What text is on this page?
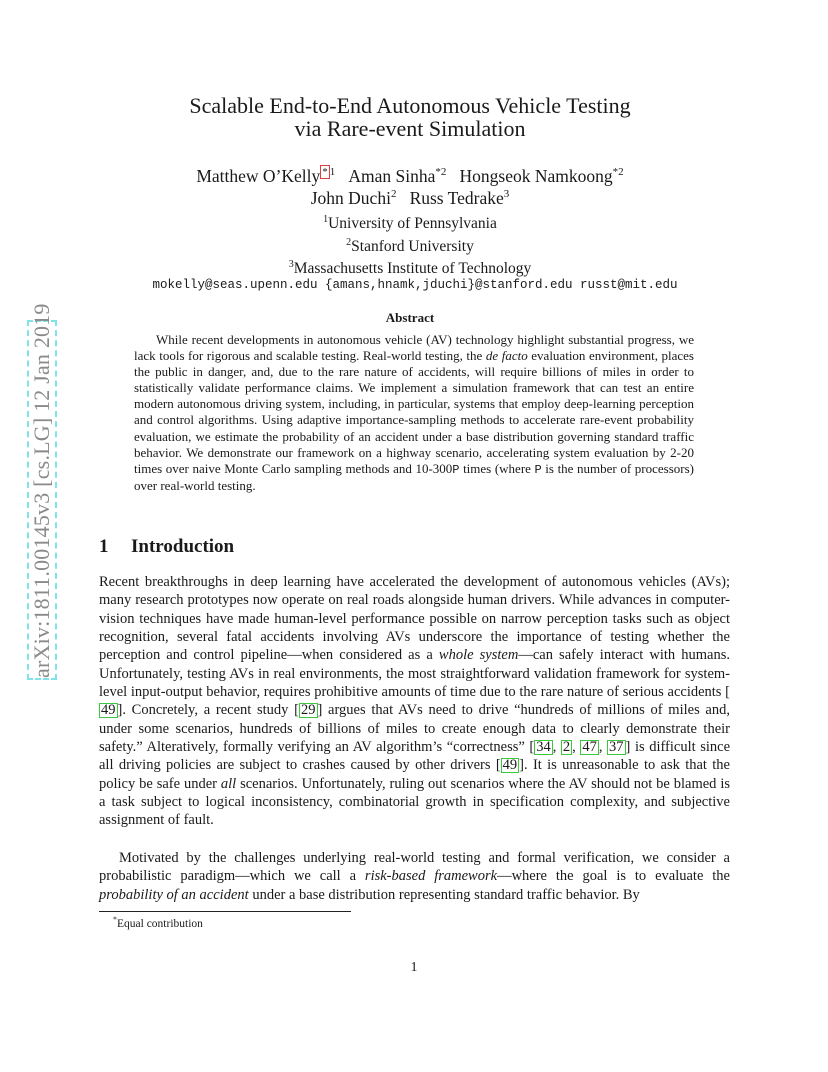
arXiv:1811.00145v3 [cs.LG] 12 Jan 2019
Scalable End-to-End Autonomous Vehicle Testing
via Rare-event Simulation
Matthew O’Kelly $^{* 1}$ Aman Sinha$^{*2}$ Hongseok Namkoong$^{*2}$
John Duchi$^2$ Russ Tedrake$^3$
$^1$University of Pennsylvania
$^2$Stanford University
$^3$Massachusetts Institute of Technology
mokelly@seas.upenn.edu {amans,hnamk,jduchi}@stanford.edu russt@mit.edu
Abstract
While recent developments in autonomous vehicle (AV) technology highlight substantial progress, we lack tools for rigorous and scalable testing. Real-world testing, the de facto evaluation environment, places the public in danger, and, due to the rare nature of accidents, will require billions of miles in order to statistically validate performance claims. We implement a simulation framework that can test an entire modern autonomous driving system, including, in particular, systems that employ deep-learning perception and control algorithms. Using adaptive importance-sampling methods to accelerate rare-event probability evaluation, we estimate the probability of an accident under a base distribution governing standard traffic behavior. We demonstrate our framework on a highway scenario, accelerating system evaluation by 2-20 times over naive Monte Carlo sampling methods and 10-300P times (where P is the number of processors) over real-world testing.
1 Introduction
Recent breakthroughs in deep learning have accelerated the development of autonomous vehicles (AVs); many research prototypes now operate on real roads alongside human drivers. While advances in computer-vision techniques have made human-level performance possible on narrow perception tasks such as object recognition, several fatal accidents involving AVs underscore the importance of testing whether the perception and control pipeline—when considered as a whole system—can safely interact with humans. Unfortunately, testing AVs in real environments, the most straightforward validation framework for system-level input-output behavior, requires prohibitive amounts of time due to the rare nature of serious accidents [49 ]. Concretely, a recent study [ 29 ] argues that AVs need to drive “hundreds of millions of miles and, under some scenarios, hundreds of billions of miles to create enough data to clearly demonstrate their safety.” Alteratively, formally verifying an AV algorithm’s “correctness” [ 34 , 2 , 47 , 37 ] is difficult since all driving policies are subject to crashes caused by other drivers [ 49 ]. It is unreasonable to ask that the policy be safe under all scenarios. Unfortunately, ruling out scenarios where the AV should not be blamed is a task subject to logical inconsistency, combinatorial growth in specification complexity, and subjective assignment of fault.
Motivated by the challenges underlying real-world testing and formal verification, we consider a probabilistic paradigm—which we call a risk-based framework—where the goal is to evaluate the probability of an accident under a base distribution representing standard traffic behavior. By
*Equal contribution
1
